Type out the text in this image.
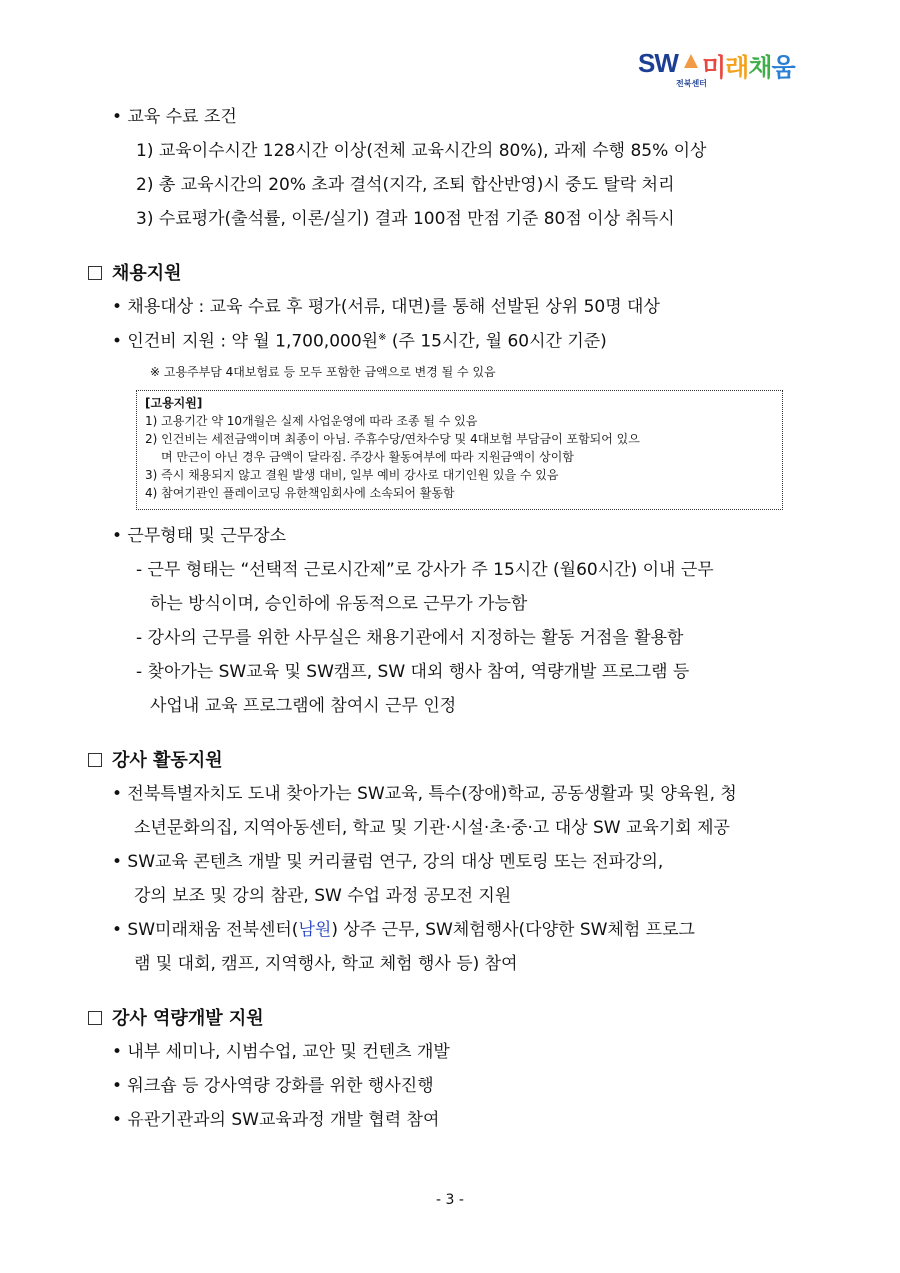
SW 미래채움
전북센터
• 교육 수료 조건
1) 교육이수시간 128시간 이상(전체 교육시간의 80%), 과제 수행 85% 이상
2) 총 교육시간의 20% 초과 결석(지각, 조퇴 합산반영)시 중도 탈락 처리
3) 수료평가(출석률, 이론/실기) 결과 100점 만점 기준 80점 이상 취득시
채용지원
• 채용대상 : 교육 수료 후 평가(서류, 대면)를 통해 선발된 상위 50명 대상
• 인건비 지원 : 약 월 1,700,000원※ (주 15시간, 월 60시간 기준)
※ 고용주부담 4대보험료 등 모두 포함한 금액으로 변경 될 수 있음
[고용지원]
1) 고용기간 약 10개월은 실제 사업운영에 따라 조종 될 수 있음
2) 인건비는 세전금액이며 최종이 아님. 주휴수당/연차수당 및 4대보험 부담금이 포함되어 있으
며 만근이 아닌 경우 금액이 달라짐. 주강사 활동여부에 따라 지원금액이 상이함
3) 즉시 채용되지 않고 결원 발생 대비, 일부 예비 강사로 대기인원 있을 수 있음
4) 참여기관인 플레이코딩 유한책임회사에 소속되어 활동함
• 근무형태 및 근무장소
- 근무 형태는 “선택적 근로시간제”로 강사가 주 15시간 (월60시간) 이내 근무
하는 방식이며, 승인하에 유동적으로 근무가 가능함
- 강사의 근무를 위한 사무실은 채용기관에서 지정하는 활동 거점을 활용함
- 찾아가는 SW교육 및 SW캠프, SW 대외 행사 참여, 역량개발 프로그램 등
사업내 교육 프로그램에 참여시 근무 인정
강사 활동지원
• 전북특별자치도 도내 찾아가는 SW교육, 특수(장애)학교, 공동생활과 및 양육원, 청
소년문화의집, 지역아동센터, 학교 및 기관·시설·초·중·고 대상 SW 교육기회 제공
• SW교육 콘텐츠 개발 및 커리큘럼 연구, 강의 대상 멘토링 또는 전파강의,
강의 보조 및 강의 참관, SW 수업 과정 공모전 지원
• SW미래채움 전북센터(남원) 상주 근무, SW체험행사(다양한 SW체험 프로그
램 및 대회, 캠프, 지역행사, 학교 체험 행사 등) 참여
강사 역량개발 지원
• 내부 세미나, 시범수업, 교안 및 컨텐츠 개발
• 워크숍 등 강사역량 강화를 위한 행사진행
• 유관기관과의 SW교육과정 개발 협력 참여
- 3 -
